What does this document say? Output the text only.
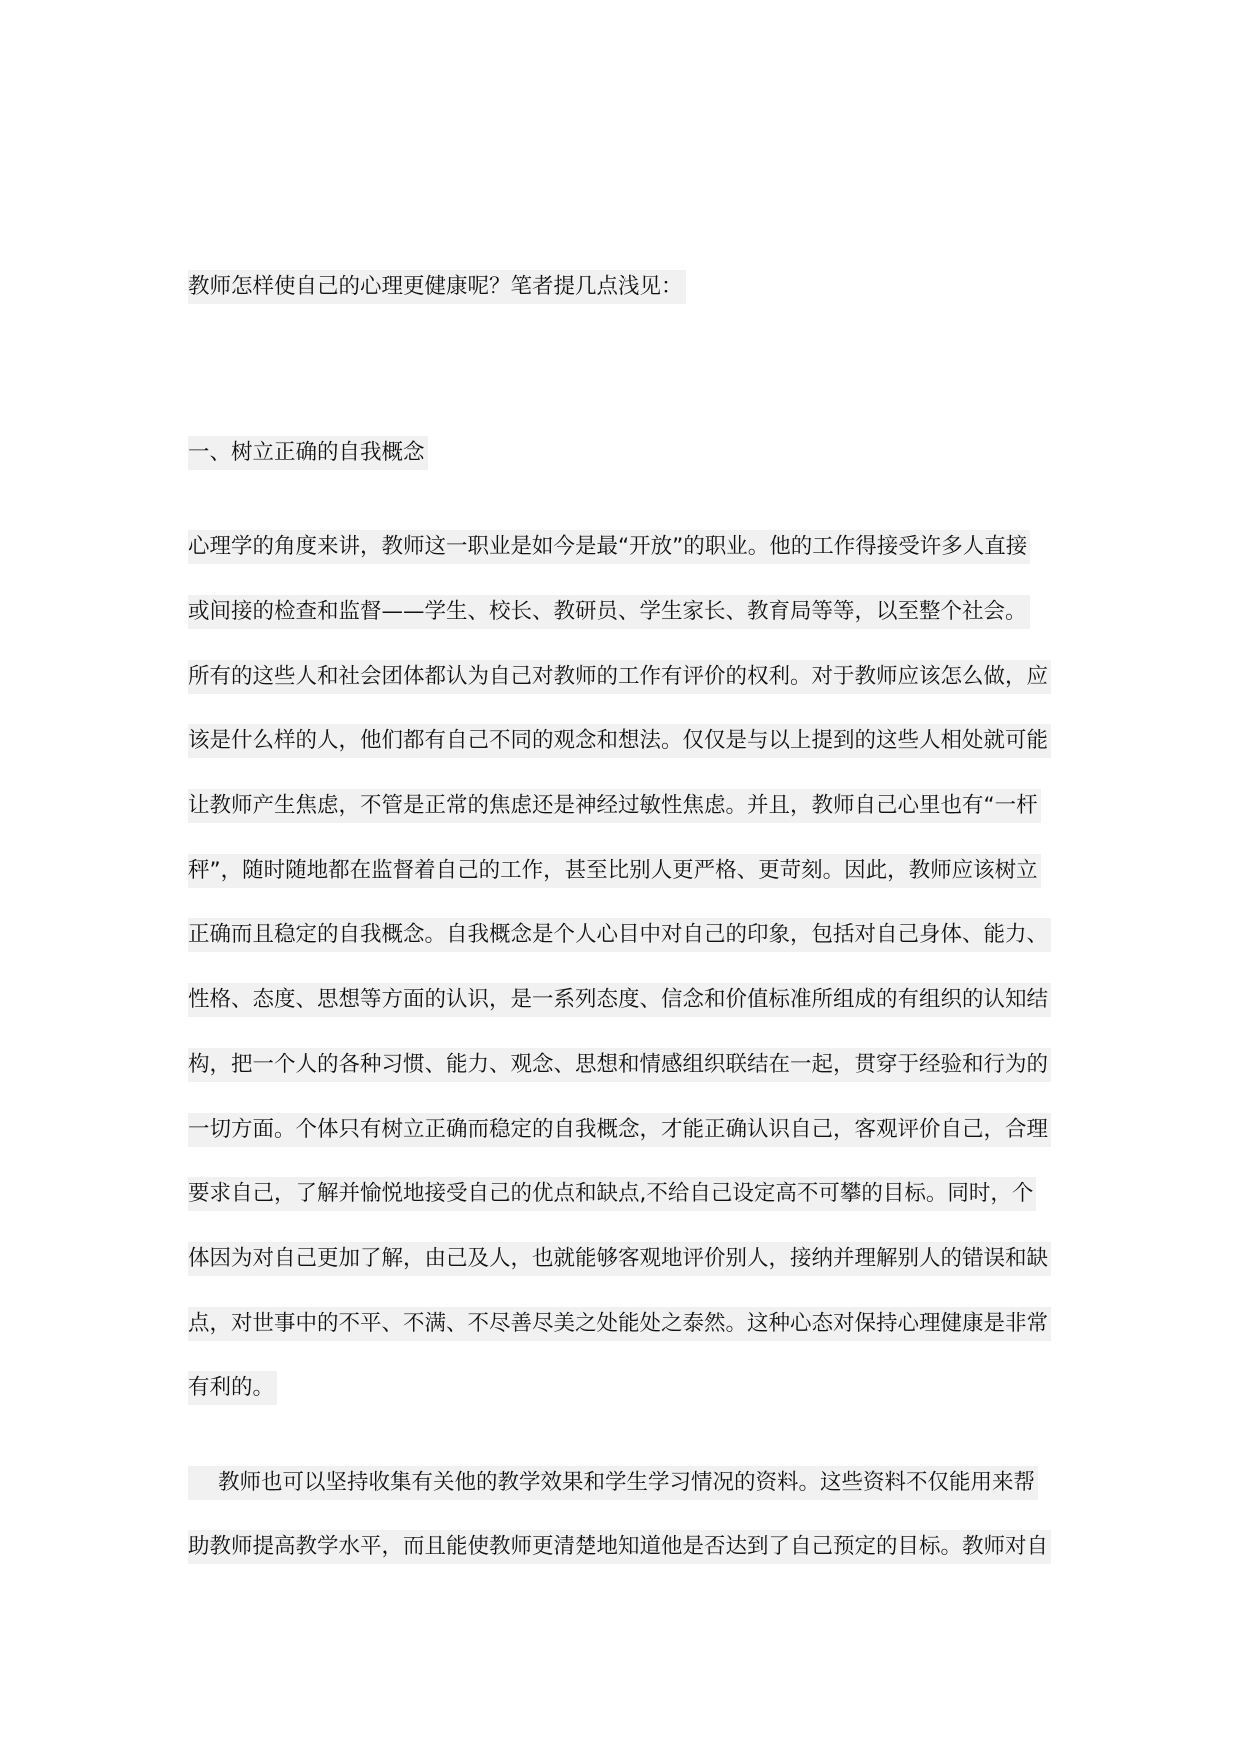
教师怎样使自己的心理更健康呢？笔者提几点浅见：
一、树立正确的自我概念
心理学的角度来讲，教师这一职业是如今是最“开放”的职业。他的工作得接受许多人直接
或间接的检查和监督——学生、校长、教研员、学生家长、教育局等等，以至整个社会。
所有的这些人和社会团体都认为自己对教师的工作有评价的权利。对于教师应该怎么做，应
该是什么样的人，他们都有自己不同的观念和想法。仅仅是与以上提到的这些人相处就可能
让教师产生焦虑，不管是正常的焦虑还是神经过敏性焦虑。并且，教师自己心里也有“一杆
秤”，随时随地都在监督着自己的工作，甚至比别人更严格、更苛刻。因此，教师应该树立
正确而且稳定的自我概念。自我概念是个人心目中对自己的印象，包括对自己身体、能力、
性格、态度、思想等方面的认识，是一系列态度、信念和价值标准所组成的有组织的认知结
构，把一个人的各种习惯、能力、观念、思想和情感组织联结在一起，贯穿于经验和行为的
一切方面。个体只有树立正确而稳定的自我概念，才能正确认识自己，客观评价自己，合理
要求自己，了解并愉悦地接受自己的优点和缺点,不给自己设定高不可攀的目标。同时，个
体因为对自己更加了解，由己及人，也就能够客观地评价别人，接纳并理解别人的错误和缺
点，对世事中的不平、不满、不尽善尽美之处能处之泰然。这种心态对保持心理健康是非常
有利的。
教师也可以坚持收集有关他的教学效果和学生学习情况的资料。这些资料不仅能用来帮
助教师提高教学水平，而且能使教师更清楚地知道他是否达到了自己预定的目标。教师对自
